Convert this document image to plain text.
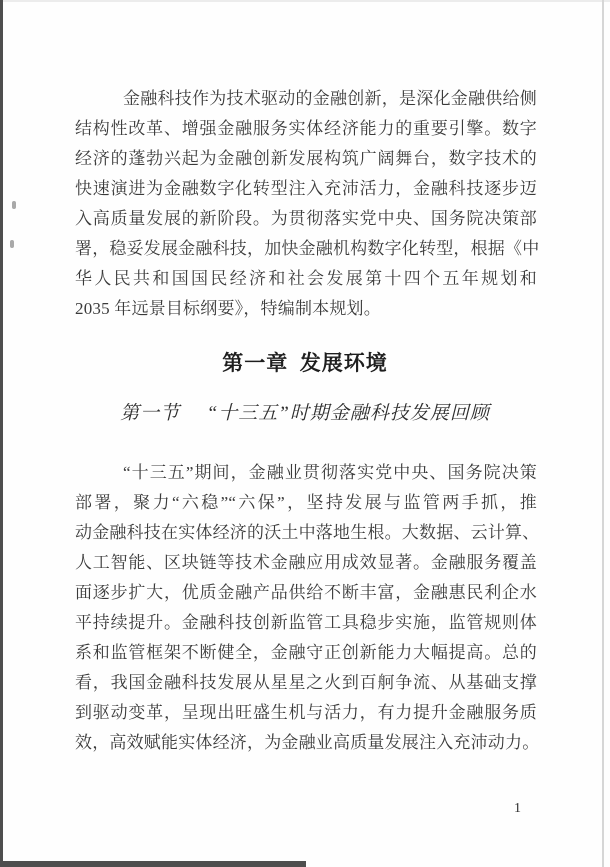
金融科技作为技术驱动的金融创新，是深化金融供给侧
结构性改革、增强金融服务实体经济能力的重要引擎。数字
经济的蓬勃兴起为金融创新发展构筑广阔舞台，数字技术的
快速演进为金融数字化转型注入充沛活力，金融科技逐步迈
入高质量发展的新阶段。为贯彻落实党中央、国务院决策部
署，稳妥发展金融科技，加快金融机构数字化转型，根据《中
华人民共和国国民经济和社会发展第十四个五年规划和
2035 年远景目标纲要》，特编制本规划。
第一章 发展环境
第一节 “十三五”时期金融科技发展回顾
“十三五”期间，金融业贯彻落实党中央、国务院决策
部署，聚力“六稳”“六保”，坚持发展与监管两手抓，推
动金融科技在实体经济的沃土中落地生根。大数据、云计算、
人工智能、区块链等技术金融应用成效显著。金融服务覆盖
面逐步扩大，优质金融产品供给不断丰富，金融惠民利企水
平持续提升。金融科技创新监管工具稳步实施，监管规则体
系和监管框架不断健全，金融守正创新能力大幅提高。总的
看，我国金融科技发展从星星之火到百舸争流、从基础支撑
到驱动变革，呈现出旺盛生机与活力，有力提升金融服务质
效，高效赋能实体经济，为金融业高质量发展注入充沛动力。
1
